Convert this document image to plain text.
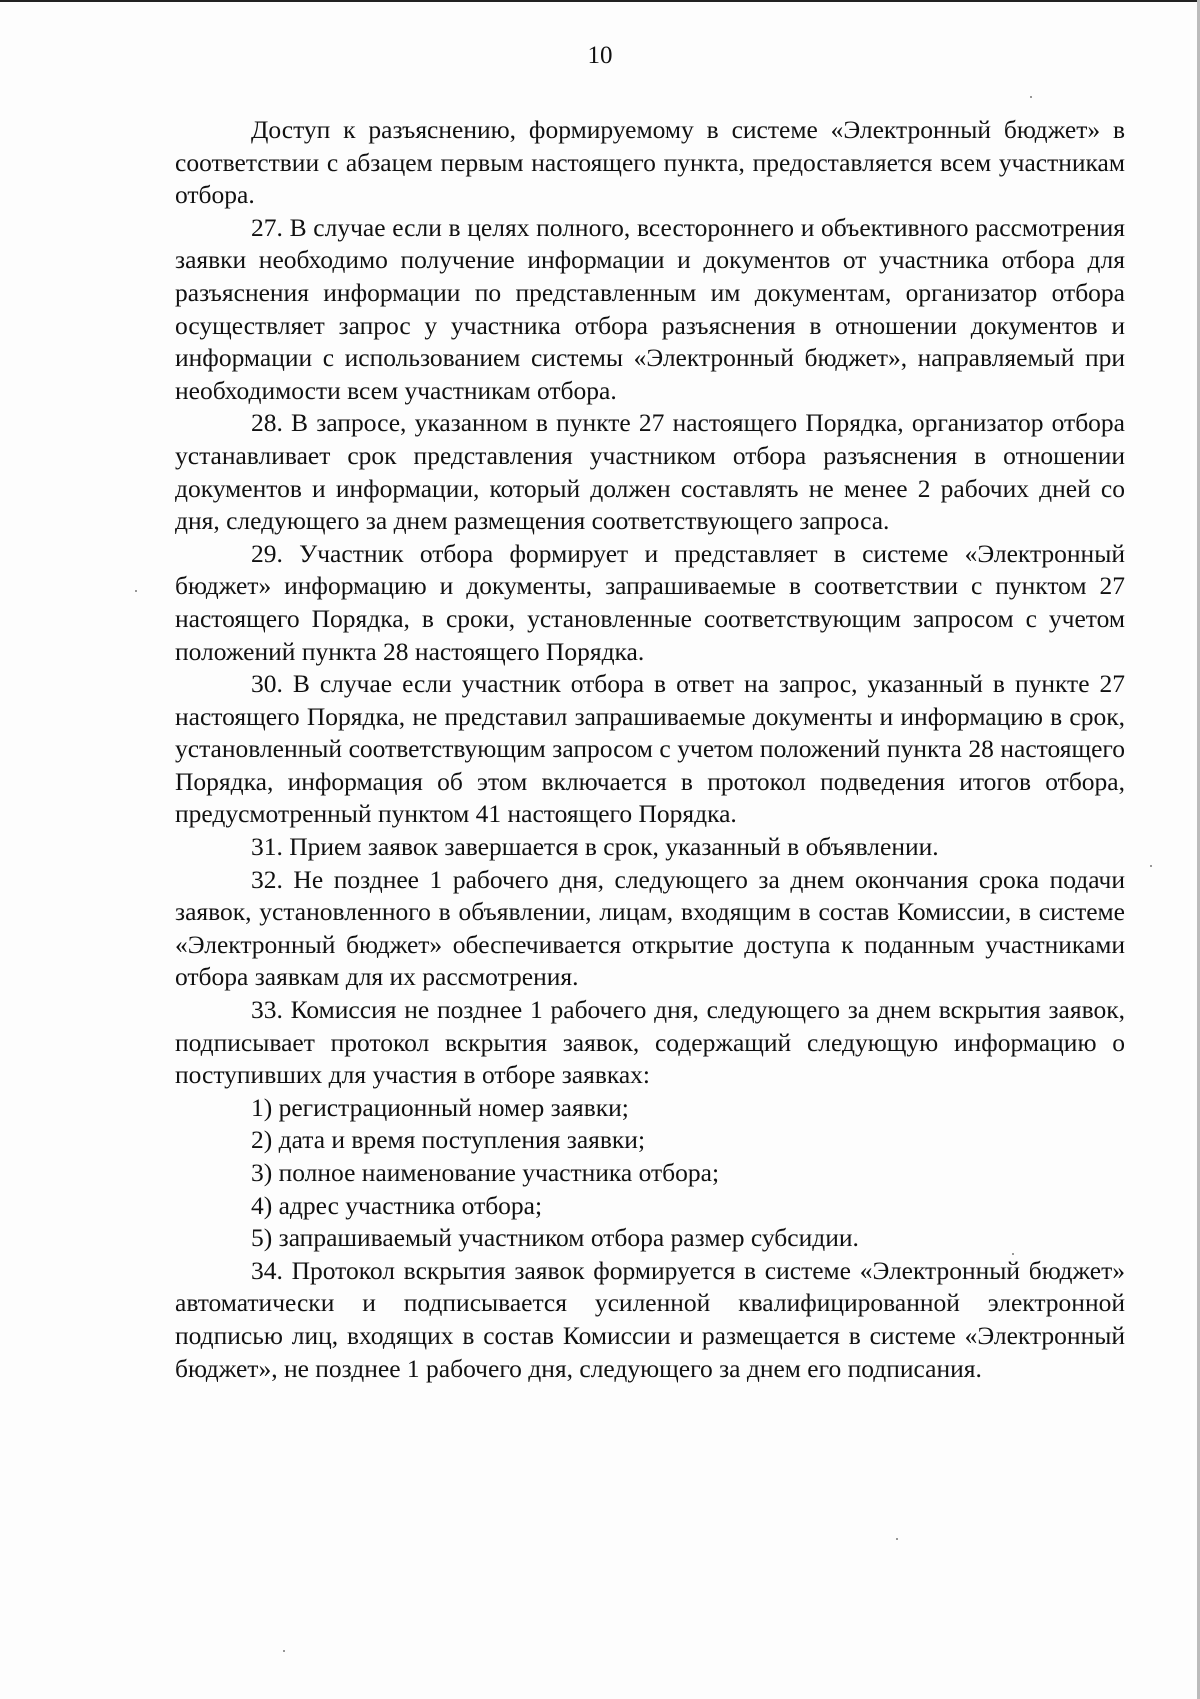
10

Доступ к разъяснению, формируемому в системе «Электронный бюджет» в соответствии с абзацем первым настоящего пункта, предоставляется всем участникам отбора.

27. В случае если в целях полного, всестороннего и объективного рассмотрения заявки необходимо получение информации и документов от участника отбора для разъяснения информации по представленным им документам, организатор отбора осуществляет запрос у участника отбора разъяснения в отношении документов и информации с использованием системы «Электронный бюджет», направляемый при необходимости всем участникам отбора.

28. В запросе, указанном в пункте 27 настоящего Порядка, организатор отбора устанавливает срок представления участником отбора разъяснения в отношении документов и информации, который должен составлять не менее 2 рабочих дней со дня, следующего за днем размещения соответствующего запроса.

29. Участник отбора формирует и представляет в системе «Электронный бюджет» информацию и документы, запрашиваемые в соответствии с пунктом 27 настоящего Порядка, в сроки, установленные соответствующим запросом с учетом положений пункта 28 настоящего Порядка.

30. В случае если участник отбора в ответ на запрос, указанный в пункте 27 настоящего Порядка, не представил запрашиваемые документы и информацию в срок, установленный соответствующим запросом с учетом положений пункта 28 настоящего Порядка, информация об этом включается в протокол подведения итогов отбора, предусмотренный пунктом 41 настоящего Порядка.

31. Прием заявок завершается в срок, указанный в объявлении.

32. Не позднее 1 рабочего дня, следующего за днем окончания срока подачи заявок, установленного в объявлении, лицам, входящим в состав Комиссии, в системе «Электронный бюджет» обеспечивается открытие доступа к поданным участниками отбора заявкам для их рассмотрения.

33. Комиссия не позднее 1 рабочего дня, следующего за днем вскрытия заявок, подписывает протокол вскрытия заявок, содержащий следующую информацию о поступивших для участия в отборе заявках:

1) регистрационный номер заявки;

2) дата и время поступления заявки;

3) полное наименование участника отбора;

4) адрес участника отбора;

5) запрашиваемый участником отбора размер субсидии.

34. Протокол вскрытия заявок формируется в системе «Электронный бюджет» автоматически и подписывается усиленной квалифицированной электронной подписью лиц, входящих в состав Комиссии и размещается в системе «Электронный бюджет», не позднее 1 рабочего дня, следующего за днем его подписания.
